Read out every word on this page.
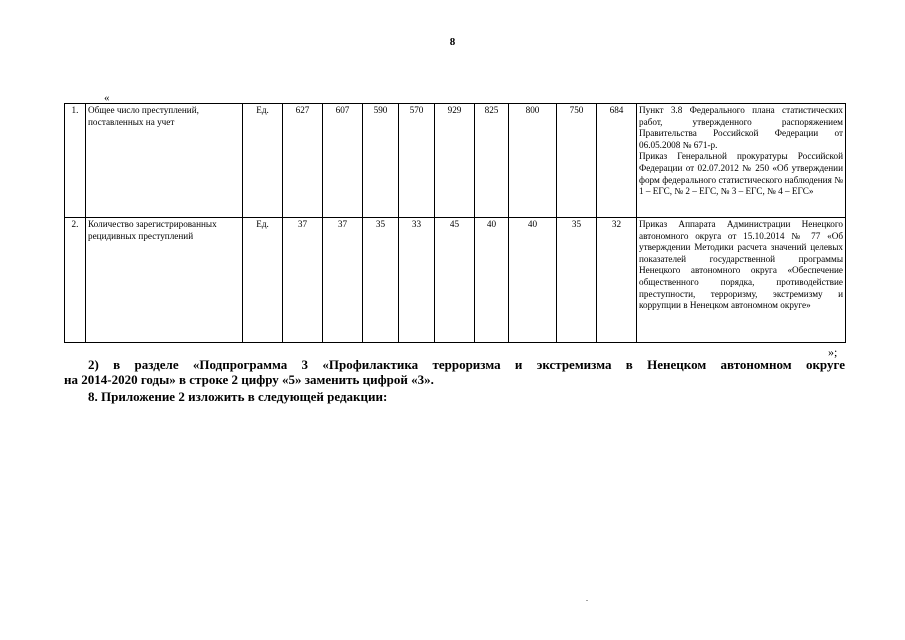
8
«
1.	Общее число преступлений, поставленных на учет	Ед.	627	607	590	570	929	825	800	750	684	Пункт 3.8 Федерального плана статистических работ, утвержденного распоряжением Правительства Российской Федерации от 06.05.2008 № 671-р.

Приказ Генеральной прокуратуры Российской Федерации от 02.07.2012 № 250 «Об утверждении форм федерального статистического наблюдения № 1 – ЕГС, № 2 – ЕГС, № 3 – ЕГС, № 4 – ЕГС»

2.	Количество зарегистрированных рецидивных преступлений	Ед.	37	37	35	33	45	40	40	35	32	Приказ Аппарата Администрации Ненецкого автономного округа от 15.10.2014 № 77 «Об утверждении Методики расчета значений целевых показателей государственной программы Ненецкого автономного округа «Обеспечение общественного порядка, противодействие преступности, терроризму, экстремизму и коррупции в Ненецком автономном округе»

»;
2) в разделе «Подпрограмма 3 «Профилактика терроризма и экстремизма в Ненецком автономном округе
на 2014-2020 годы» в строке 2 цифру «5» заменить цифрой «3».
8. Приложение 2 изложить в следующей редакции:
.
